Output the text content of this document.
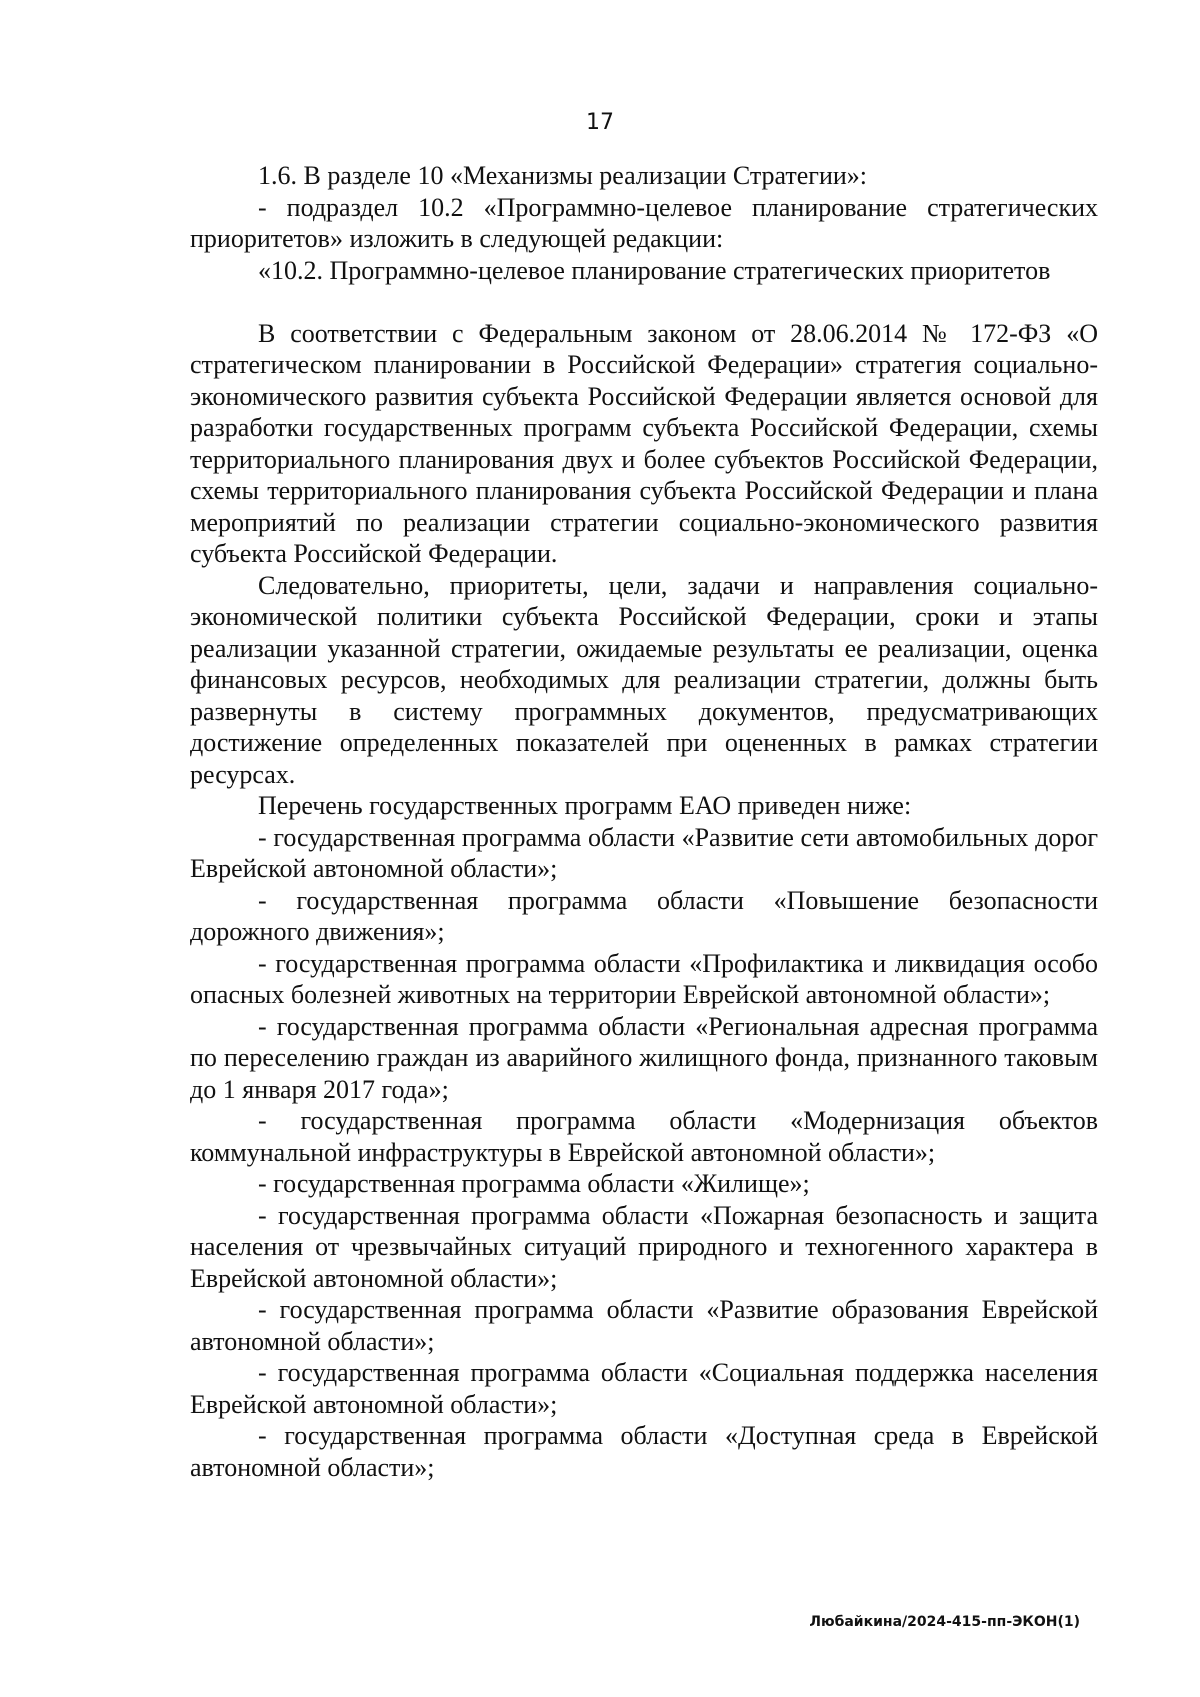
17

1.6. В разделе 10 «Механизмы реализации Стратегии»:

- подраздел 10.2 «Программно-целевое планирование стратегических приоритетов» изложить в следующей редакции:

«10.2. Программно-целевое планирование стратегических приоритетов

В соответствии с Федеральным законом от 28.06.2014 № 172-ФЗ «О стратегическом планировании в Российской Федерации» стратегия социально-экономического развития субъекта Российской Федерации является основой для разработки государственных программ субъекта Российской Федерации, схемы территориального планирования двух и более субъектов Российской Федерации, схемы территориального планирования субъекта Российской Федерации и плана мероприятий по реализации стратегии социально-экономического развития субъекта Российской Федерации.

Следовательно, приоритеты, цели, задачи и направления социально-экономической политики субъекта Российской Федерации, сроки и этапы реализации указанной стратегии, ожидаемые результаты ее реализации, оценка финансовых ресурсов, необходимых для реализации стратегии, должны быть развернуты в систему программных документов, предусматривающих достижение определенных показателей при оцененных в рамках стратегии ресурсах.

Перечень государственных программ ЕАО приведен ниже:

- государственная программа области «Развитие сети автомобильных дорог Еврейской автономной области»;

- государственная программа области «Повышение безопасности дорожного движения»;

- государственная программа области «Профилактика и ликвидация особо опасных болезней животных на территории Еврейской автономной области»;

- государственная программа области «Региональная адресная программа по переселению граждан из аварийного жилищного фонда, признанного таковым до 1 января 2017 года»;

- государственная программа области «Модернизация объектов коммунальной инфраструктуры в Еврейской автономной области»;

- государственная программа области «Жилище»;

- государственная программа области «Пожарная безопасность и защита населения от чрезвычайных ситуаций природного и техногенного характера в Еврейской автономной области»;

- государственная программа области «Развитие образования Еврейской автономной области»;

- государственная программа области «Социальная поддержка населения Еврейской автономной области»;

- государственная программа области «Доступная среда в Еврейской автономной области»;

Любайкина/2024-415-пп-ЭКОН(1)
